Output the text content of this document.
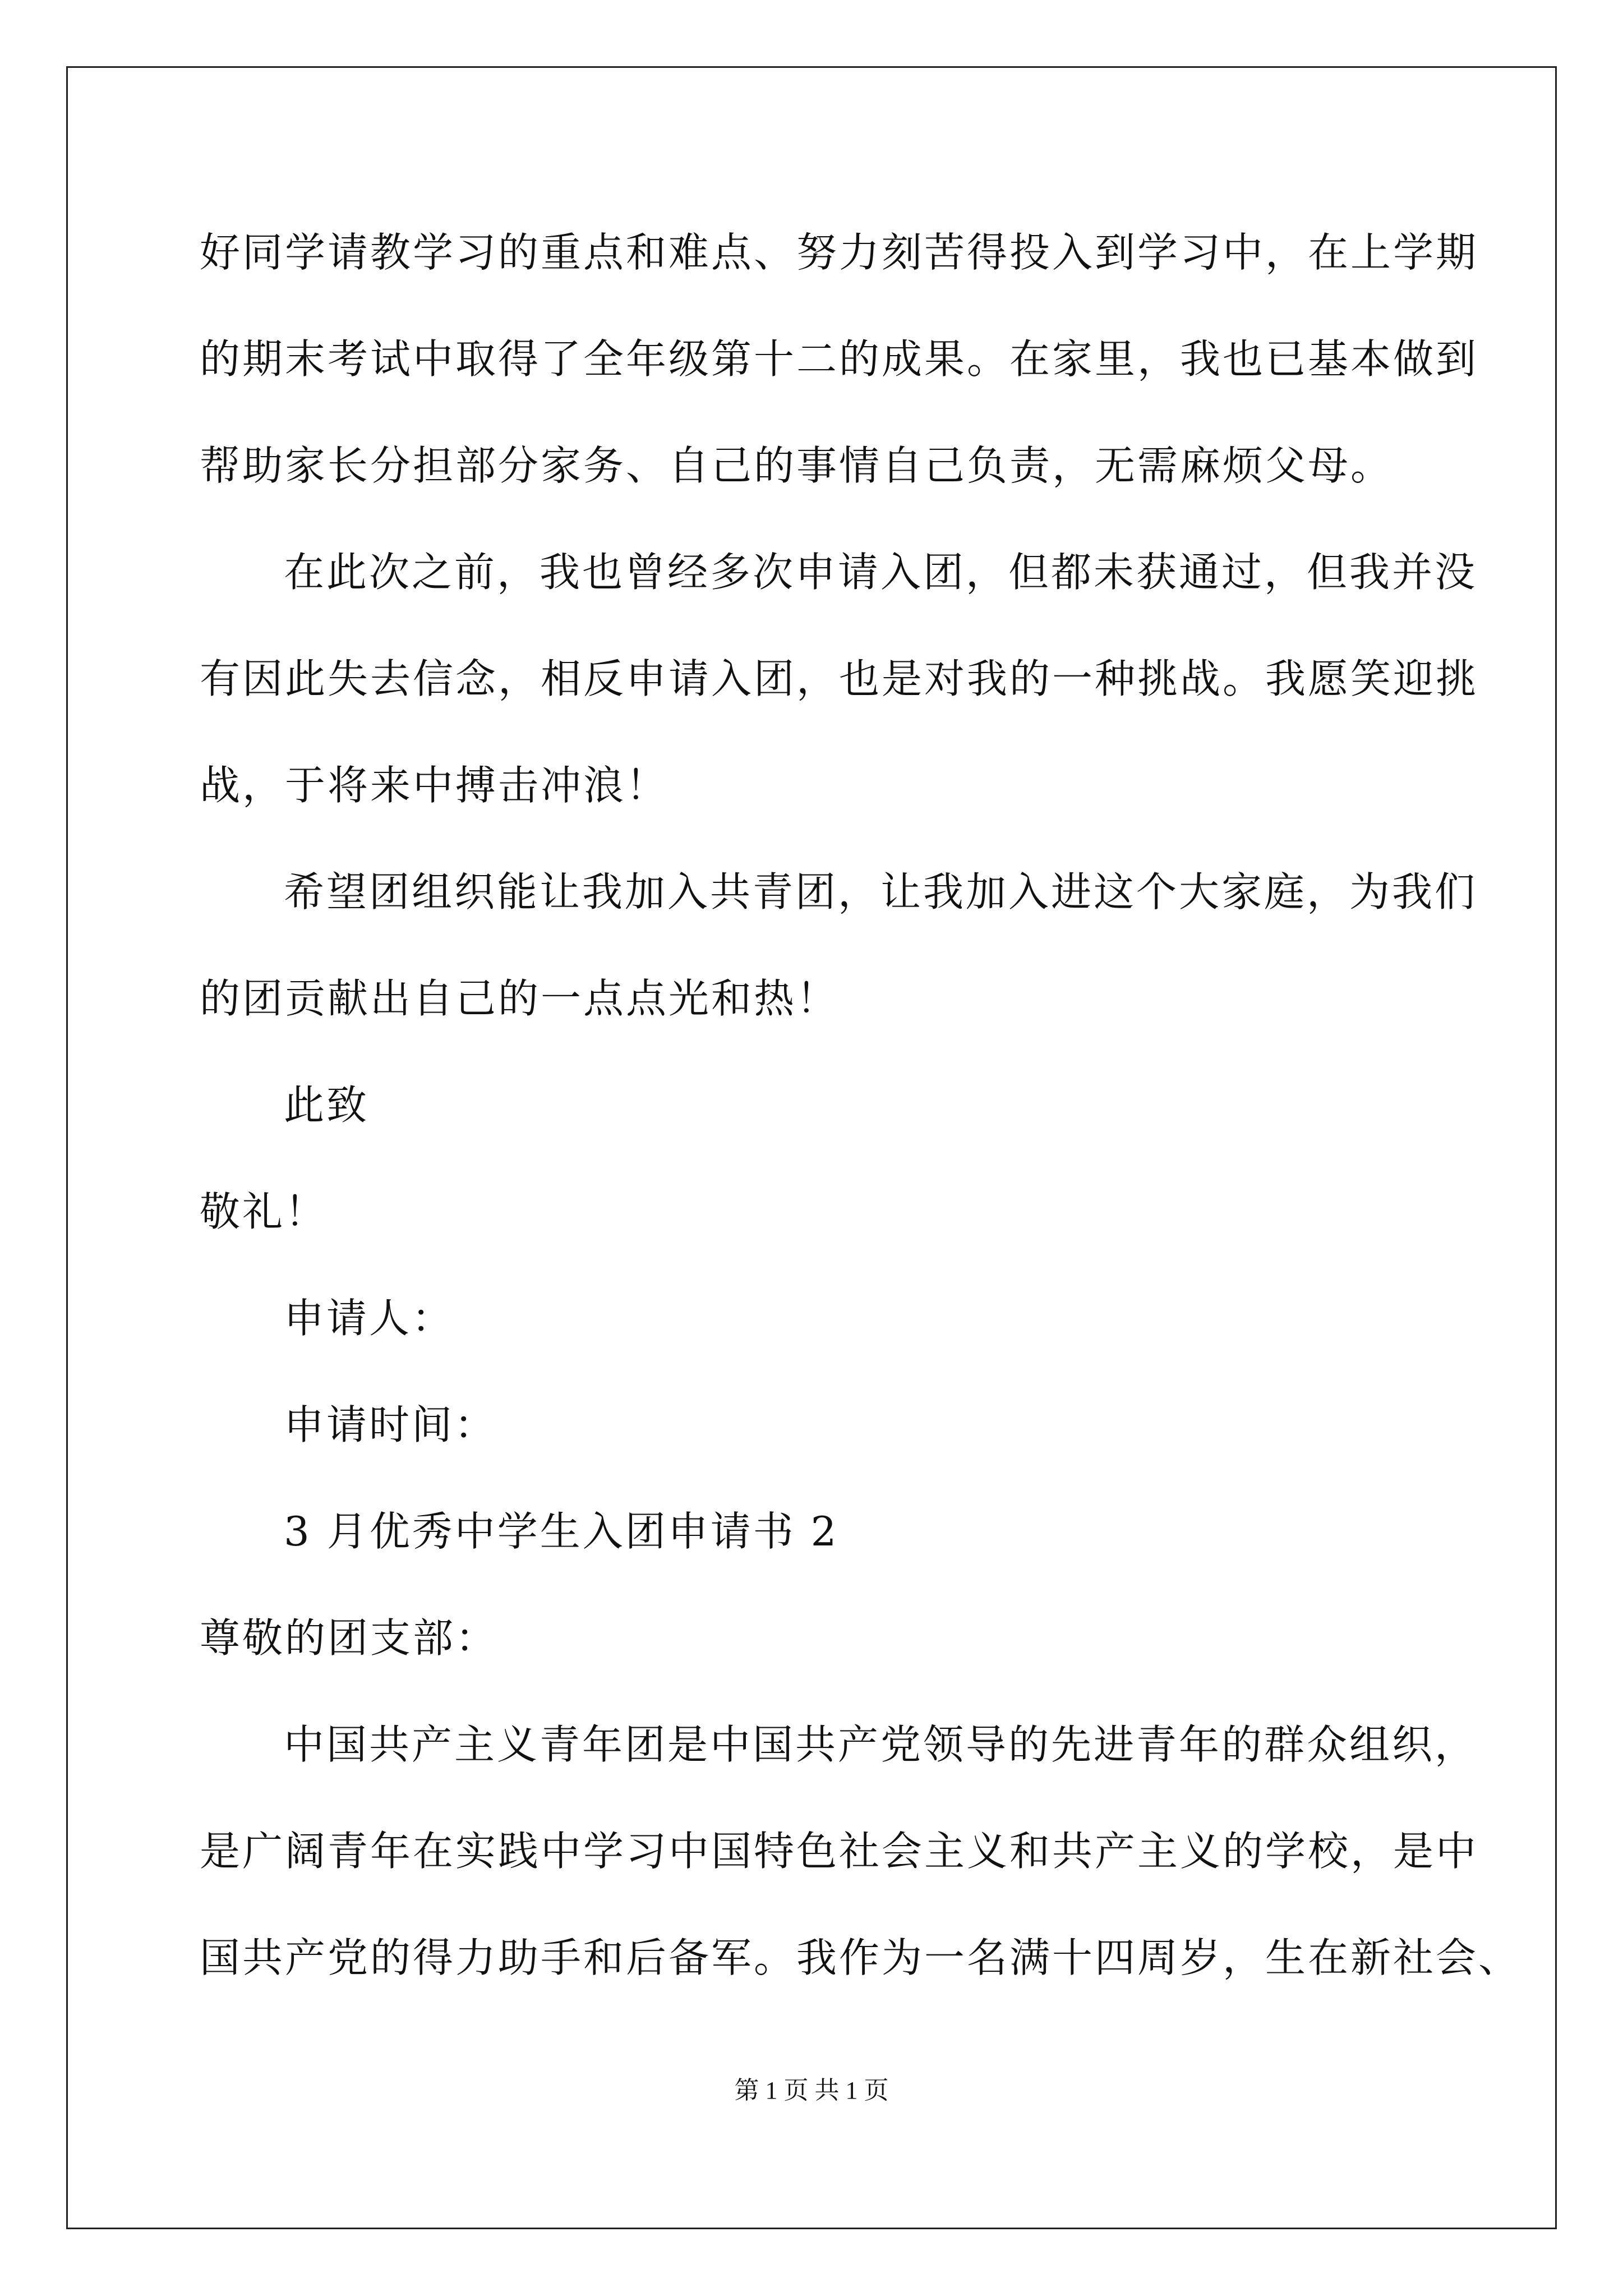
好同学请教学习的重点和难点、努力刻苦得投入到学习中，在上学期
的期末考试中取得了全年级第十二的成果。在家里，我也已基本做到
帮助家长分担部分家务、自己的事情自己负责，无需麻烦父母。
在此次之前，我也曾经多次申请入团，但都未获通过，但我并没
有因此失去信念，相反申请入团，也是对我的一种挑战。我愿笑迎挑
战，于将来中搏击冲浪！
希望团组织能让我加入共青团，让我加入进这个大家庭，为我们
的团贡献出自己的一点点光和热！
此致
敬礼！
申请人：
申请时间：
3 月优秀中学生入团申请书 2
尊敬的团支部：
中国共产主义青年团是中国共产党领导的先进青年的群众组织，
是广阔青年在实践中学习中国特色社会主义和共产主义的学校，是中
国共产党的得力助手和后备军。我作为一名满十四周岁，生在新社会、
第 1 页 共 1 页
